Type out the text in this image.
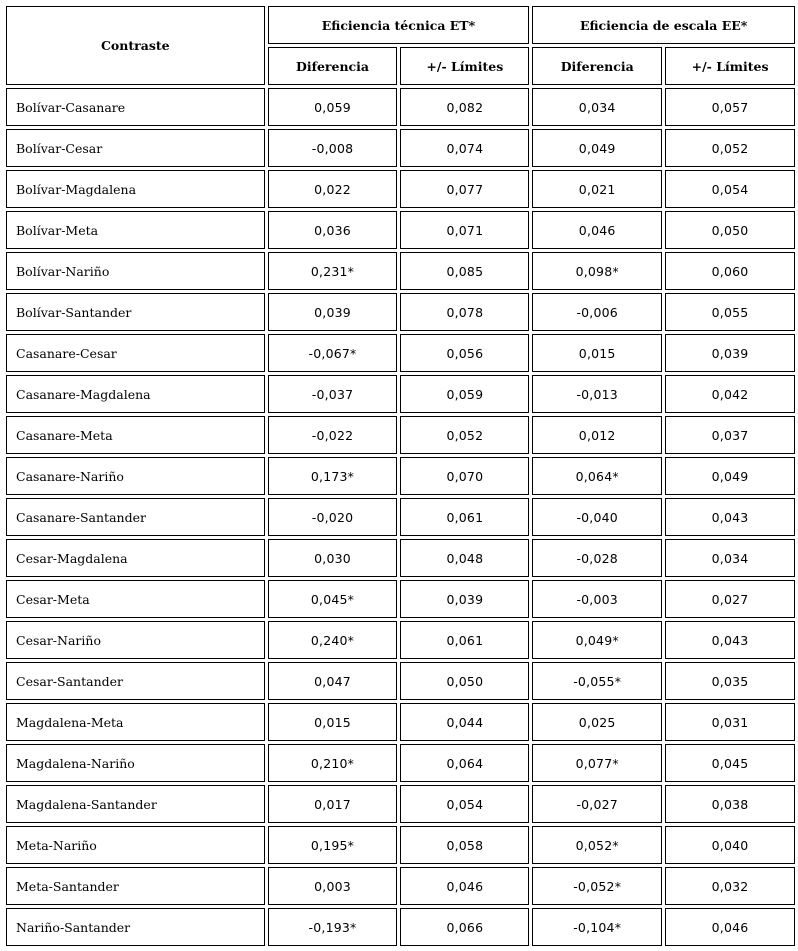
Contraste	Eficiencia técnica ET*		Eficiencia de escala EE*	
	Diferencia	+/- Límites	Diferencia	+/- Límites
Bolívar-Casanare	0,059	0,082	0,034	0,057
Bolívar-Cesar	-0,008	0,074	0,049	0,052
Bolívar-Magdalena	0,022	0,077	0,021	0,054
Bolívar-Meta	0,036	0,071	0,046	0,050
Bolívar-Nariño	0,231*	0,085	0,098*	0,060
Bolívar-Santander	0,039	0,078	-0,006	0,055
Casanare-Cesar	-0,067*	0,056	0,015	0,039
Casanare-Magdalena	-0,037	0,059	-0,013	0,042
Casanare-Meta	-0,022	0,052	0,012	0,037
Casanare-Nariño	0,173*	0,070	0,064*	0,049
Casanare-Santander	-0,020	0,061	-0,040	0,043
Cesar-Magdalena	0,030	0,048	-0,028	0,034
Cesar-Meta	0,045*	0,039	-0,003	0,027
Cesar-Nariño	0,240*	0,061	0,049*	0,043
Cesar-Santander	0,047	0,050	-0,055*	0,035
Magdalena-Meta	0,015	0,044	0,025	0,031
Magdalena-Nariño	0,210*	0,064	0,077*	0,045
Magdalena-Santander	0,017	0,054	-0,027	0,038
Meta-Nariño	0,195*	0,058	0,052*	0,040
Meta-Santander	0,003	0,046	-0,052*	0,032
Nariño-Santander	-0,193*	0,066	-0,104*	0,046
